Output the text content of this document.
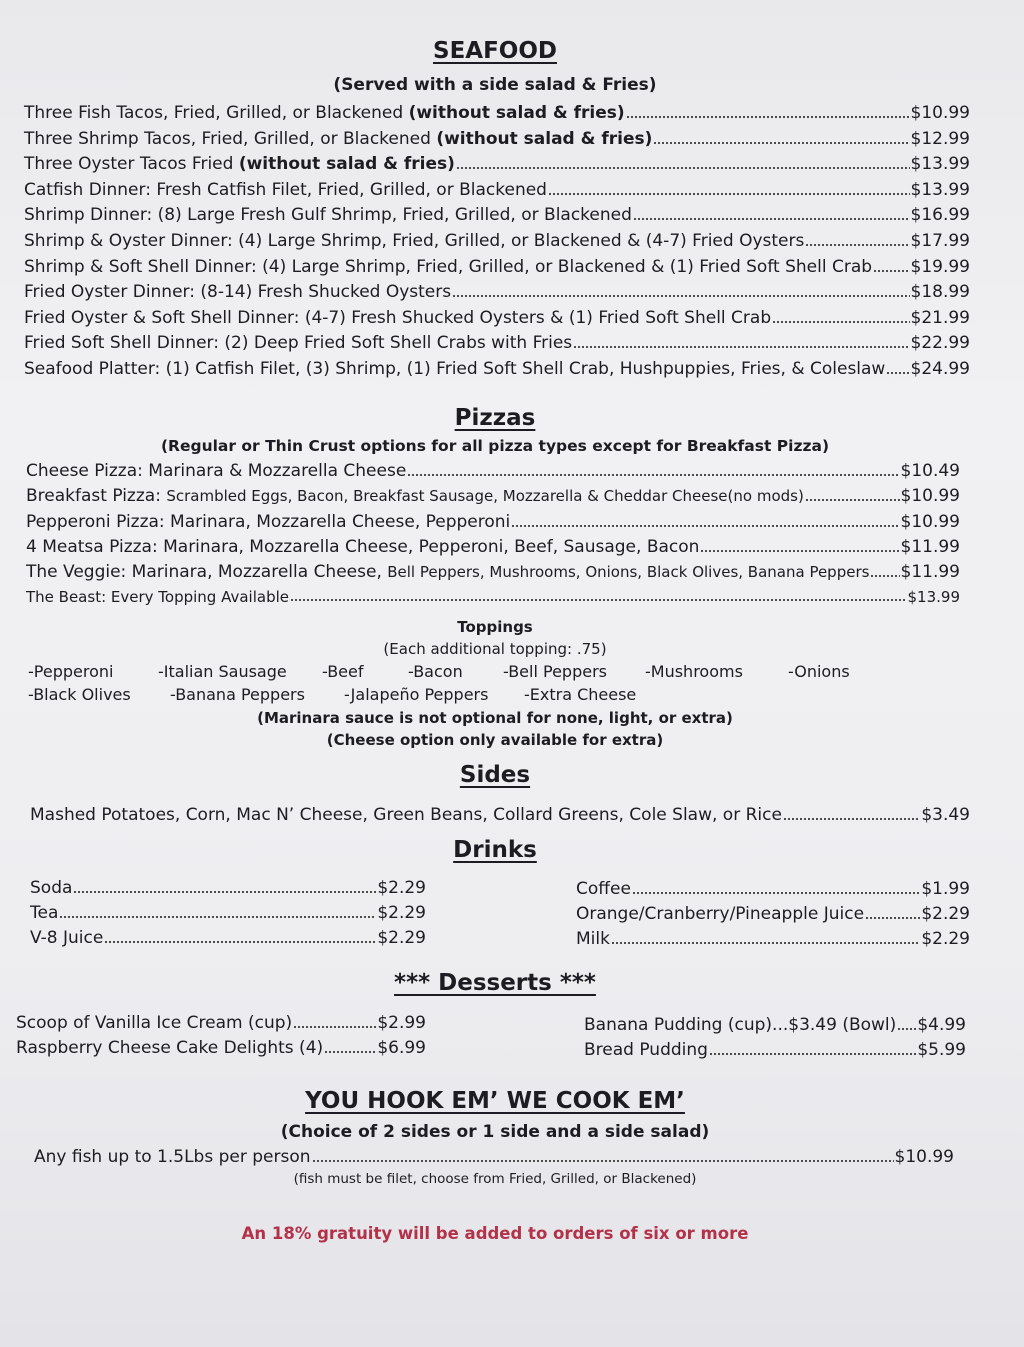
SEAFOOD
(Served with a side salad & Fries)
Three Fish Tacos, Fried, Grilled, or Blackened (without salad & fries)	$10.99
Three Shrimp Tacos, Fried, Grilled, or Blackened (without salad & fries)	$12.99
Three Oyster Tacos Fried (without salad & fries)	$13.99
Catfish Dinner: Fresh Catfish Filet, Fried, Grilled, or Blackened	$13.99
Shrimp Dinner: (8) Large Fresh Gulf Shrimp, Fried, Grilled, or Blackened	$16.99
Shrimp & Oyster Dinner: (4) Large Shrimp, Fried, Grilled, or Blackened & (4-7) Fried Oysters	$17.99
Shrimp & Soft Shell Dinner: (4) Large Shrimp, Fried, Grilled, or Blackened & (1) Fried Soft Shell Crab $19.99
Fried Oyster Dinner: (8-14) Fresh Shucked Oysters	$18.99
Fried Oyster & Soft Shell Dinner: (4-7) Fresh Shucked Oysters & (1) Fried Soft Shell Crab	$21.99
Fried Soft Shell Dinner: (2) Deep Fried Soft Shell Crabs with Fries	$22.99
Seafood Platter: (1) Catfish Filet, (3) Shrimp, (1) Fried Soft Shell Crab, Hushpuppies, Fries, & Coleslaw $24.99
Pizzas
(Regular or Thin Crust options for all pizza types except for Breakfast Pizza)
Cheese Pizza: Marinara & Mozzarella Cheese	$10.49
Breakfast Pizza: Scrambled Eggs, Bacon, Breakfast Sausage, Mozzarella & Cheddar Cheese(no mods)	$10.99
Pepperoni Pizza: Marinara, Mozzarella Cheese, Pepperoni	$10.99
4 Meatsa Pizza: Marinara, Mozzarella Cheese, Pepperoni, Beef, Sausage, Bacon	$11.99
The Veggie: Marinara, Mozzarella Cheese, Bell Peppers, Mushrooms, Onions, Black Olives, Banana Peppers $11.99
The Beast: Every Topping Available	$13.99
Toppings
(Each additional topping: .75)
-Pepperoni	-Italian Sausage -Beef	-Bacon	-Bell Peppers -Mushrooms	-Onions
-Black Olives -Banana Peppers -Jalapeño Peppers -Extra Cheese
(Marinara sauce is not optional for none, light, or extra)
(Cheese option only available for extra)
Sides
Mashed Potatoes, Corn, Mac N’ Cheese, Green Beans, Collard Greens, Cole Slaw, or Rice	$3.49
Drinks
Soda	$2.29
Tea	$2.29
V-8 Juice	$2.29
Coffee	$1.99
Orange/Cranberry/Pineapple Juice	$2.29
Milk	$2.29
*** Desserts ***
Scoop of Vanilla Ice Cream (cup)	$2.99
Raspberry Cheese Cake Delights (4)	$6.99
Banana Pudding (cup)...$3.49 (Bowl) $4.99
Bread Pudding	$5.99
YOU HOOK EM’ WE COOK EM’
(Choice of 2 sides or 1 side and a side salad)
Any fish up to 1.5Lbs per person	$10.99
(fish must be filet, choose from Fried, Grilled, or Blackened)
An 18% gratuity will be added to orders of six or more
